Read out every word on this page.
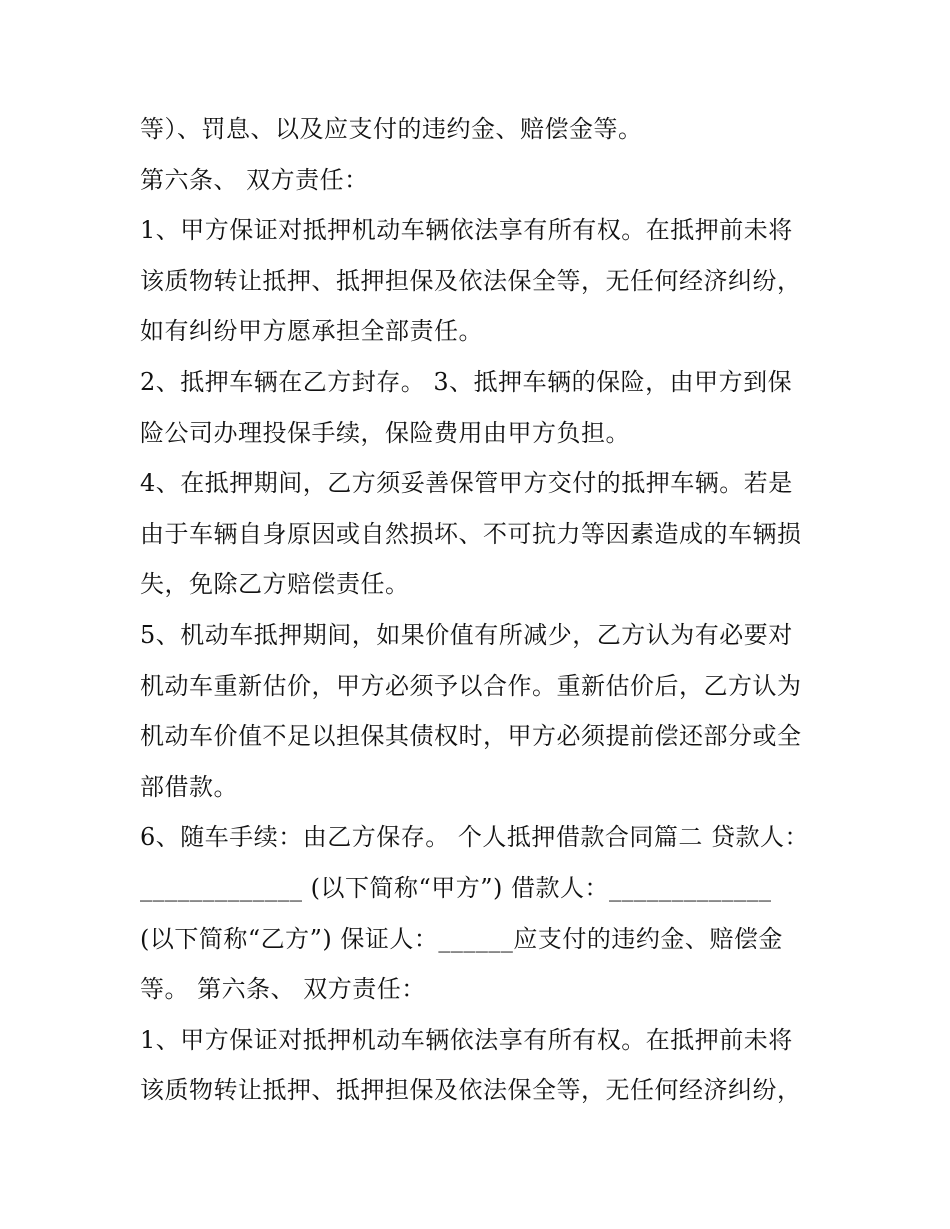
等）、罚息、以及应支付的违约金、赔偿金等。
第六条、 双方责任：
1、甲方保证对抵押机动车辆依法享有所有权。在抵押前未将
该质物转让抵押、抵押担保及依法保全等，无任何经济纠纷，
如有纠纷甲方愿承担全部责任。
2、抵押车辆在乙方封存。 3、抵押车辆的保险，由甲方到保
险公司办理投保手续，保险费用由甲方负担。
4、在抵押期间，乙方须妥善保管甲方交付的抵押车辆。若是
由于车辆自身原因或自然损坏、不可抗力等因素造成的车辆损
失，免除乙方赔偿责任。
5、机动车抵押期间，如果价值有所减少，乙方认为有必要对
机动车重新估价，甲方必须予以合作。重新估价后，乙方认为
机动车价值不足以担保其债权时，甲方必须提前偿还部分或全
部借款。
6、随车手续：由乙方保存。 个人抵押借款合同篇二 贷款人：
_____________ (以下简称“甲方”) 借款人：_____________
(以下简称“乙方”) 保证人：______应支付的违约金、赔偿金
等。 第六条、 双方责任：
1、甲方保证对抵押机动车辆依法享有所有权。在抵押前未将
该质物转让抵押、抵押担保及依法保全等，无任何经济纠纷，
